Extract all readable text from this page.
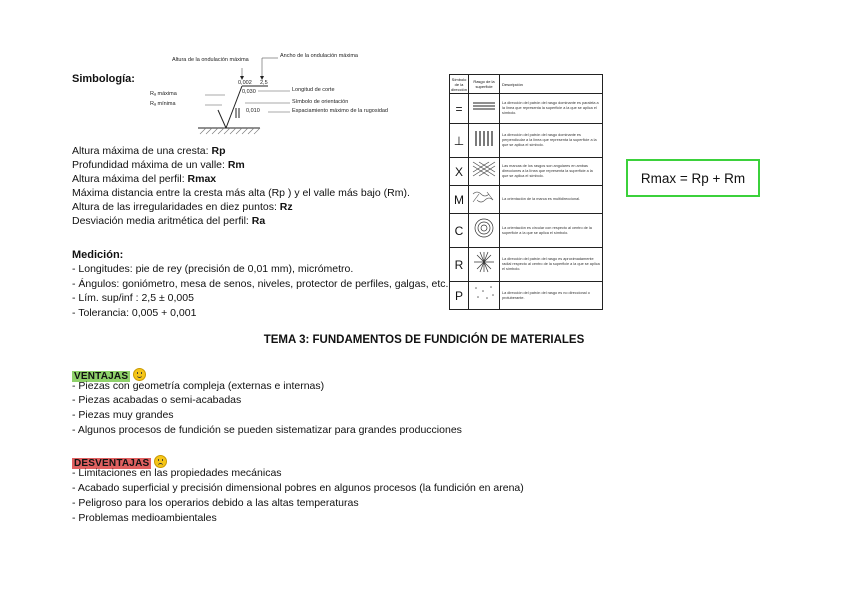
Simbología:
Altura de la ondulación máxima
Ancho de la ondulación máxima
Rₐ máxima
Rₐ mínima
0,002 2,5
0,030
0,010
Longitud de corte
Símbolo de orientación
Espaciamiento máximo de la rugosidad
Altura máxima de una cresta: Rp
Profundidad máxima de un valle: Rm
Altura máxima del perfil: Rmax
Máxima distancia entre la cresta más alta (Rp ) y el valle más bajo (Rm).
Altura de las irregularidades en diez puntos: Rz
Desviación media aritmética del perfil: Ra
Rmax = Rp + Rm
Símbolo de la dirección	Rasgo de la superficie	Descripción
=		La dirección del patrón del rasgo dominante es paralela a la línea que representa la superficie a la que se aplica el símbolo.
⊥		La dirección del patrón del rasgo dominante es perpendicular a la línea que representa la superficie a la que se aplica el símbolo.
X		Las marcas de los rasgos son angulares en ambas direcciones a la línea que representa la superficie a la que se aplica el símbolo.
M		La orientación de la marca es multidireccional.
C		La orientación es circular con respecto al centro de la superficie a la que se aplica el símbolo.
R		La dirección del patrón del rasgo es aproximadamente radial respecto al centro de la superficie a la que se aplica el símbolo.
P		La dirección del patrón del rasgo es no direccional o protuberante.
Medición:
- Longitudes: pie de rey (precisión de 0,01 mm), micrómetro.
- Ángulos: goniómetro, mesa de senos, niveles, protector de perfiles, galgas, etc.
- Lím. sup/inf : 2,5 ± 0,005
- Tolerancia: 0,005 + 0,001
TEMA 3: FUNDAMENTOS DE FUNDICIÓN DE MATERIALES
VENTAJAS
- Piezas con geometría compleja (externas e internas)
- Piezas acabadas o semi-acabadas
- Piezas muy grandes
- Algunos procesos de fundición se pueden sistematizar para grandes producciones
DESVENTAJAS
- Limitaciones en las propiedades mecánicas
- Acabado superficial y precisión dimensional pobres en algunos procesos (la fundición en arena)
- Peligroso para los operarios debido a las altas temperaturas
- Problemas medioambientales
